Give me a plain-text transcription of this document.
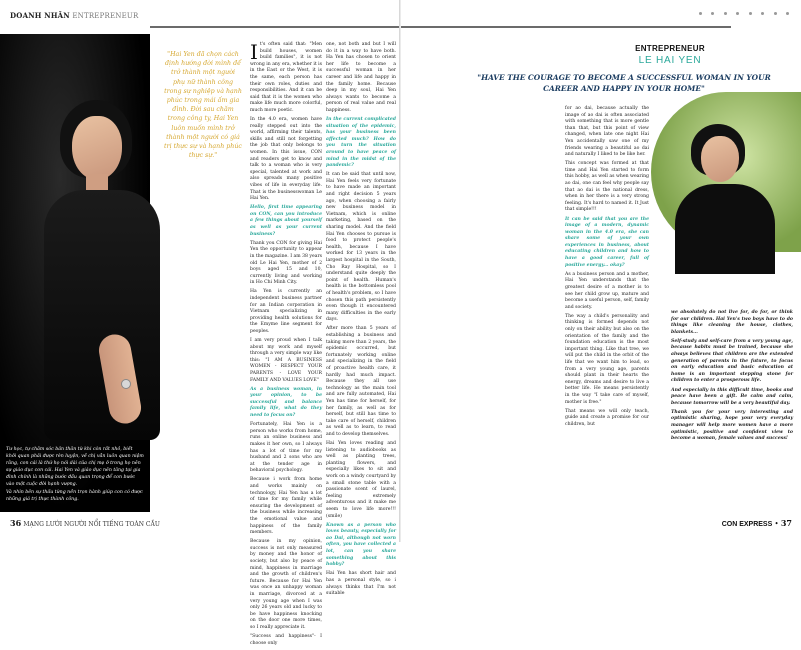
DOANH NHÂN ENTREPRENEUR

Tư học, tự chăm sóc bản thân từ khi còn rất nhỏ, biết khởi quan phải được rèn luyện, về chị vẫn luôn quan niệm rằng, con cái là thứ họ nói dài của chị mẹ ở trong họ nên sự giáo dục con cái. Hai Yen và giáo dục nên tăng tại gia đình chính là những bước đầu quan trọng để con bước vào một cuộc đời hạnh vượng.

Và nhìn bên sự thấu từng nền trọn hành giúp con có được những giá trị thực thành công.

"Hai Yen đã chọn cách định hướng đời mình để trở thành một người phụ nữ thành công trong sự nghiệp và hạnh phúc trong mái ấm gia đình. Đời sau chăm trong công ty, Hai Yen luôn muốn mình trở thành một người có giá trị thực sự và hạnh phúc thực sự."

It's often said that: "Men build houses, women build families", it is not wrong in any era, whether it is in the East or the West, it is the same, each person has their own roles, duties and responsibilities. And it can be said that it is the women who make life much more colorful, much more poetic.

In the 4.0 era, women have really stepped out into the world, affirming their talents, skills and still not forgetting the job that only belongs to women. In this issue, CON and readers get to know and talk to a woman who is very special, talented at work and also spreads many positive vibes of life in everyday life. That is the businesswoman Le Hai Yen.

Hello, first time appearing on CON, can you introduce a few things about yourself as well as your current business?

Thank you CON for giving Hai Yen the opportunity to appear in the magazine. I am 38 years old Le Hai Yen, mother of 2 boys aged 15 and 10, currently living and working in Ho Chi Minh City.

Ha Yen is currently an independent business partner for an Indian corporation in Vietnam specializing in providing health solutions for the Emyme line segment for peoples.

I am very proud when I talk about my work and myself through a very simple way like this: "I AM A BUSINESS WOMEN - RESPECT YOUR PARENTS - LOVE YOUR FAMILY AND VALUES LOVE"

As a business woman, in your opinion, to be successful and balance family life, what do they need to focus on?

Fortunately, Hai Yen is a person who works from home, runs an online business and makes it her own, so I always has a lot of time for my husband and 2 sons who are at the tender age in behavioral psychology.

Because i work from home and works mainly on technology, Hai Yen has a lot of time for my family while ensuring the development of the business while increasing the emotional value and happiness of the family members.

Because in my opinion, success is not only measured by money and the honor of society, but also by peace of mind, happiness in marriage and the growth of children's future. Because for Hai Yen was once an unhappy woman in marriage, divorced at a very young age when I was only 26 years old and lucky to be have happiness knocking on the door one more times, so I really appreciate it.

"Success and happiness"- I choose only

one, not both and but I will do it in a way to have both. Ha Yen has chosen to orient her life to become a successful woman in her career and life and happy in the family home. Because deep in my soul, Hai Yen always wants to become a person of real value and real happiness.

In the current complicated situation of the epidemic, has your business been affected much? How do you turn the situation around to have peace of mind in the midst of the pandemic?

It can be said that until now, Hai Yen feels very fortunate to have made an important and right decision 5 years ago, when choosing a fairly new business model in Vietnam, which is online marketing, based on the sharing model. And the field Hai Yen chooses to pursue is food to protect people's health, because I have worked for 13 years in the largest hospital in the South, Cho Ray Hospital, so I understand quite deeply the point of health. Human's health is the bottomless pool of health's problem, so I have chosen this path persistently even though it encountered many difficulties in the early days.

After more than 5 years of establishing a business and taking more than 2 years, the epidemic occurred, but fortunately working online and specializing in the field of proactive health care, it hardly had much impact. Because they all use technology as the main tool and are fully automated, Hai Yen has time for herself, for her family, as well as for herself, but still has time to take care of herself, children as well as to learn, to read and to develop themselves.

Hai Yen loves reading and listening to audiobooks as well as planting trees, planting flowers, and especially likes to sit and work on a windy courtyard by a small stone table with a passionate scent of laurel, feeling extremely adventurous and it make me seem to love life more!!! (smile)

Known as a person who loves beauty, especially for ao Dai, although not worn often, you have collected a lot, can you share something about this hobby?

Hai Yen has short hair and has a personal style, so i always thinks that I'm not suitable

36 MẠNG LƯỚI NGƯỜI NỔI TIẾNG TOÀN CẦU
ENTREPRENEUR
LE HAI YEN
"HAVE THE COURAGE TO BECOME A SUCCESSFUL WOMAN IN YOUR CAREER AND HAPPY IN YOUR HOME"

for ao dai, because actually the image of ao dai is often associated with something that is more gentle than that, but this point of view changed, when late one night Hai Yen accidentally saw one of my friends wearing a beautiful ao dai and naturally I liked to be like her.

This concept was formed at that time and Hai Yen started to form this hobby, as well as when wearing ao dai, one can feel why people say that ao dai is the national dress, when in her there is a very strong feeling. It's hard to named it. It Just that simple!!!

It can be said that you are the image of a modern, dynamic woman in the 4.0 era, she can share some of your own experiences in business, about educating children and how to have a good career, full of positive energy... okay?

As a business person and a mother, Hai Yen understands that the greatest desire of a mother is to see her child grow up, mature and become a useful person, self, family and society.

The way a child's personality and thinking is formed depends not only on their ability but also on the orientation of the family and the foundation education is the most important thing. Like that tree, we will put the child in the orbit of the life that we want him to lead, so from a very young age, parents should plant in their hearts the energy, dreams and desire to live a better life. He means persistently in the way "I take care of myself, mother is free."

That means we will only teach, guide and create a promise for our children, but

we absolutely do not live for, do for, or think for our children. Hai Yen's two boys have to do things like cleaning the house, clothes, blankets...

Self-study and self-care from a very young age, because habits must be trained, because she always believes that children are the extended generation of parents in the future, to focus on early education and basic education at home is an important stepping stone for children to enter a prosperous life.

And especially in this difficult time, books and peace have been a gift. Be calm and calm, because tomorrow will be a very beautiful day.

Thank you for your very interesting and optimistic sharing, hope your very everyday manager will help more women have a more optimistic, positive and confident view to become a woman, female values and success!

CON EXPRESS • 37
